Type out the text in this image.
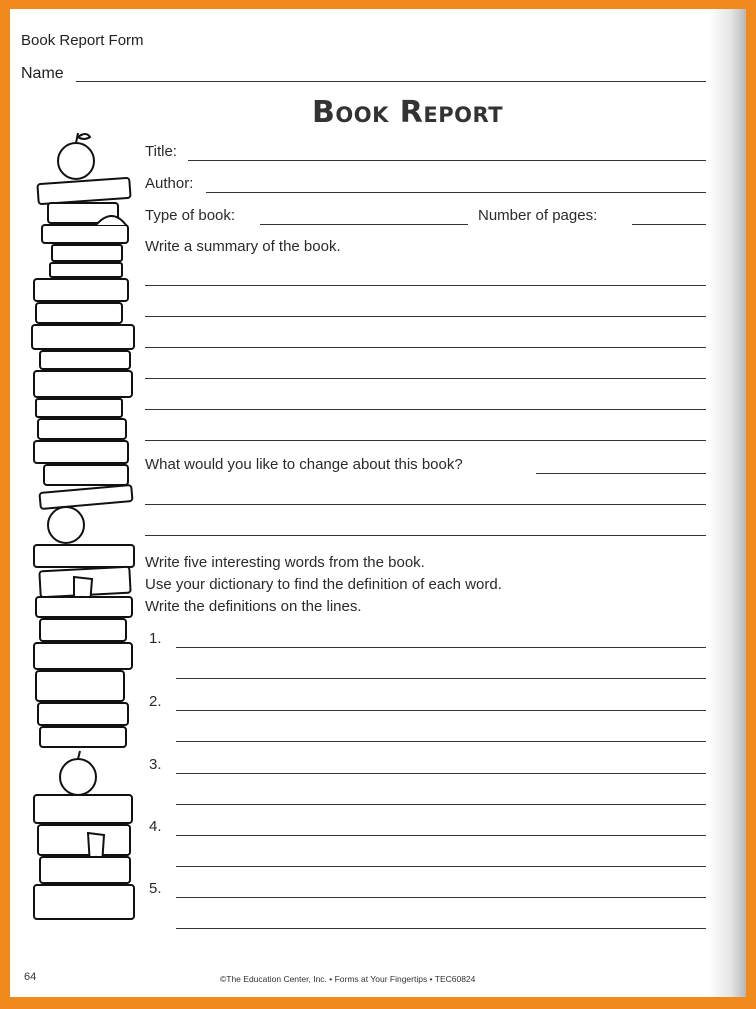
Book Report Form
Name
Book Report
Title:
Author:
Type of book:	Number of pages:
Write a summary of the book.
What would you like to change about this book?
Write five interesting words from the book.
Use your dictionary to find the definition of each word.
Write the definitions on the lines.
1.
2.
3.
4.
5.
64	©The Education Center, Inc. • Forms at Your Fingertips • TEC60824
